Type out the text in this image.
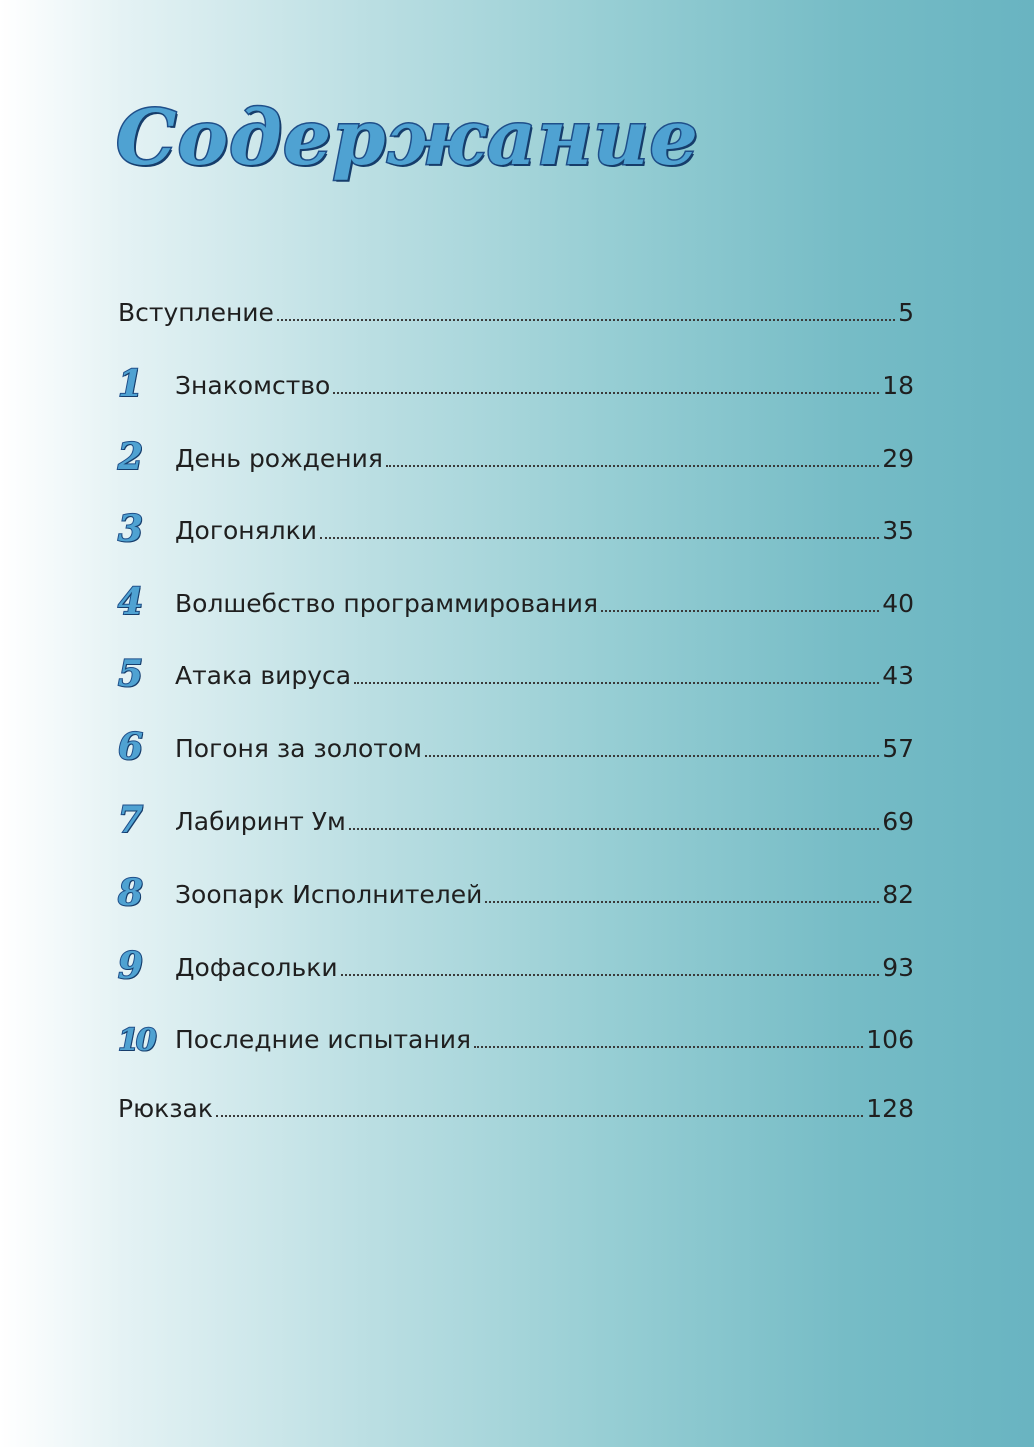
Содержание
Вступление	5
1	Знакомство	18
2	День рождения	29
3	Догонялки	35
4	Волшебство программирования	40
5	Атака вируса	43
6	Погоня за золотом	57
7	Лабиринт Ум	69
8	Зоопарк Исполнителей	82
9	Дофасольки	93
10 Последние испытания	106
Рюкзак	128
